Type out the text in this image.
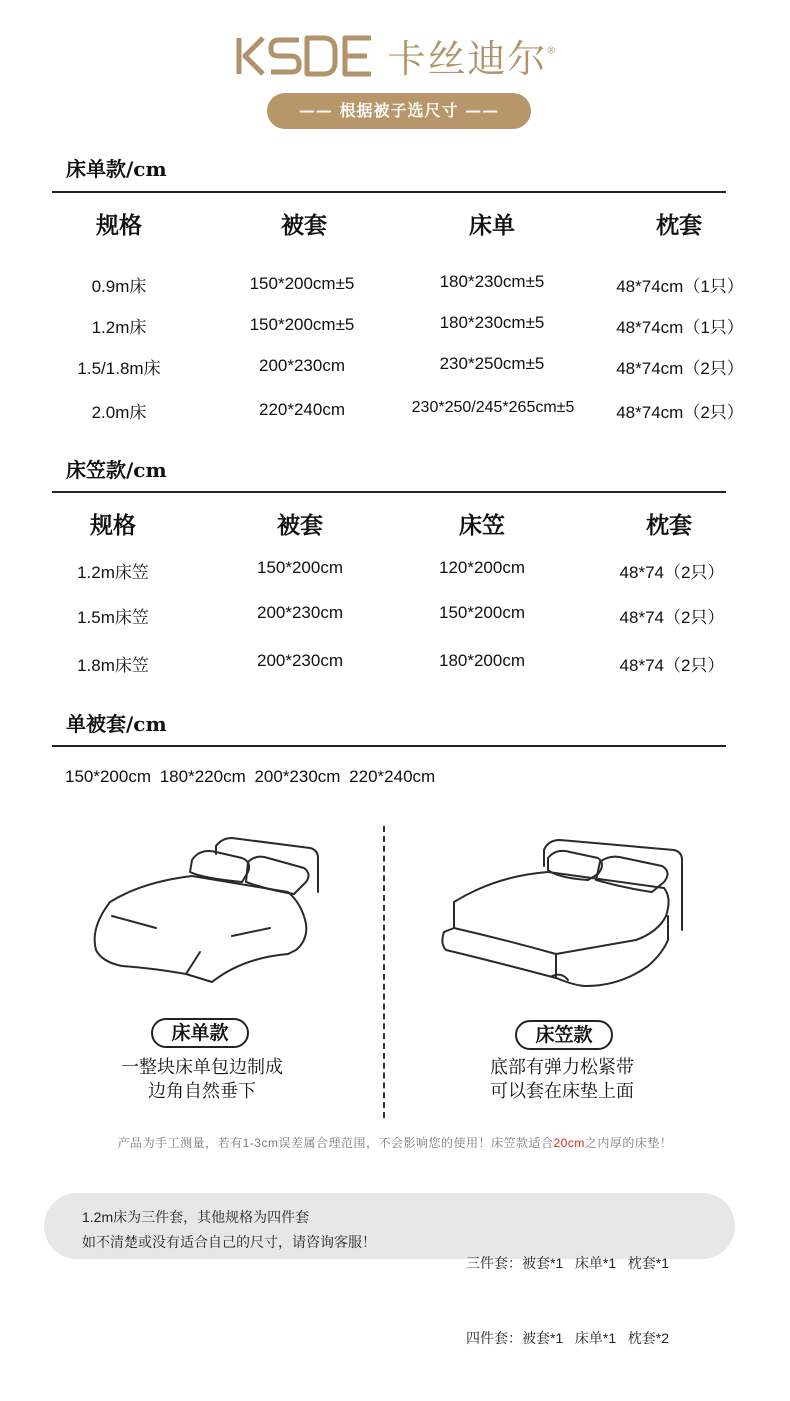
卡丝迪尔®
—— 根据被子选尺寸 ——
床单款/cm
规格	被套	床单	枕套
0.9m床	150*200cm±5	180*230cm±5	48*74cm（1只）
1.2m床	150*200cm±5	180*230cm±5	48*74cm（1只）
1.5/1.8m床	200*230cm	230*250cm±5	48*74cm（2只）
2.0m床	220*240cm	230*250/245*265cm±5	48*74cm（2只）
床笠款/cm
规格	被套	床笠	枕套
1.2m床笠	150*200cm	120*200cm	48*74（2只）
1.5m床笠	200*230cm	150*200cm	48*74（2只）
1.8m床笠	200*230cm	180*200cm	48*74（2只）
单被套/cm
150*200cm 180*220cm 200*230cm 220*240cm
床单款
一整块床单包边制成
边角自然垂下
床笠款
底部有弹力松紧带
可以套在床垫上面
产品为手工测量，若有1-3cm误差属合理范围，不会影响您的使用！床笠款适合20cm之内厚的床垫！
1.2m床为三件套，其他规格为四件套
如不清楚或没有适合自己的尺寸，请咨询客服！

三件套：被套*1   床单*1   枕套*1

四件套：被套*1   床单*1   枕套*2
